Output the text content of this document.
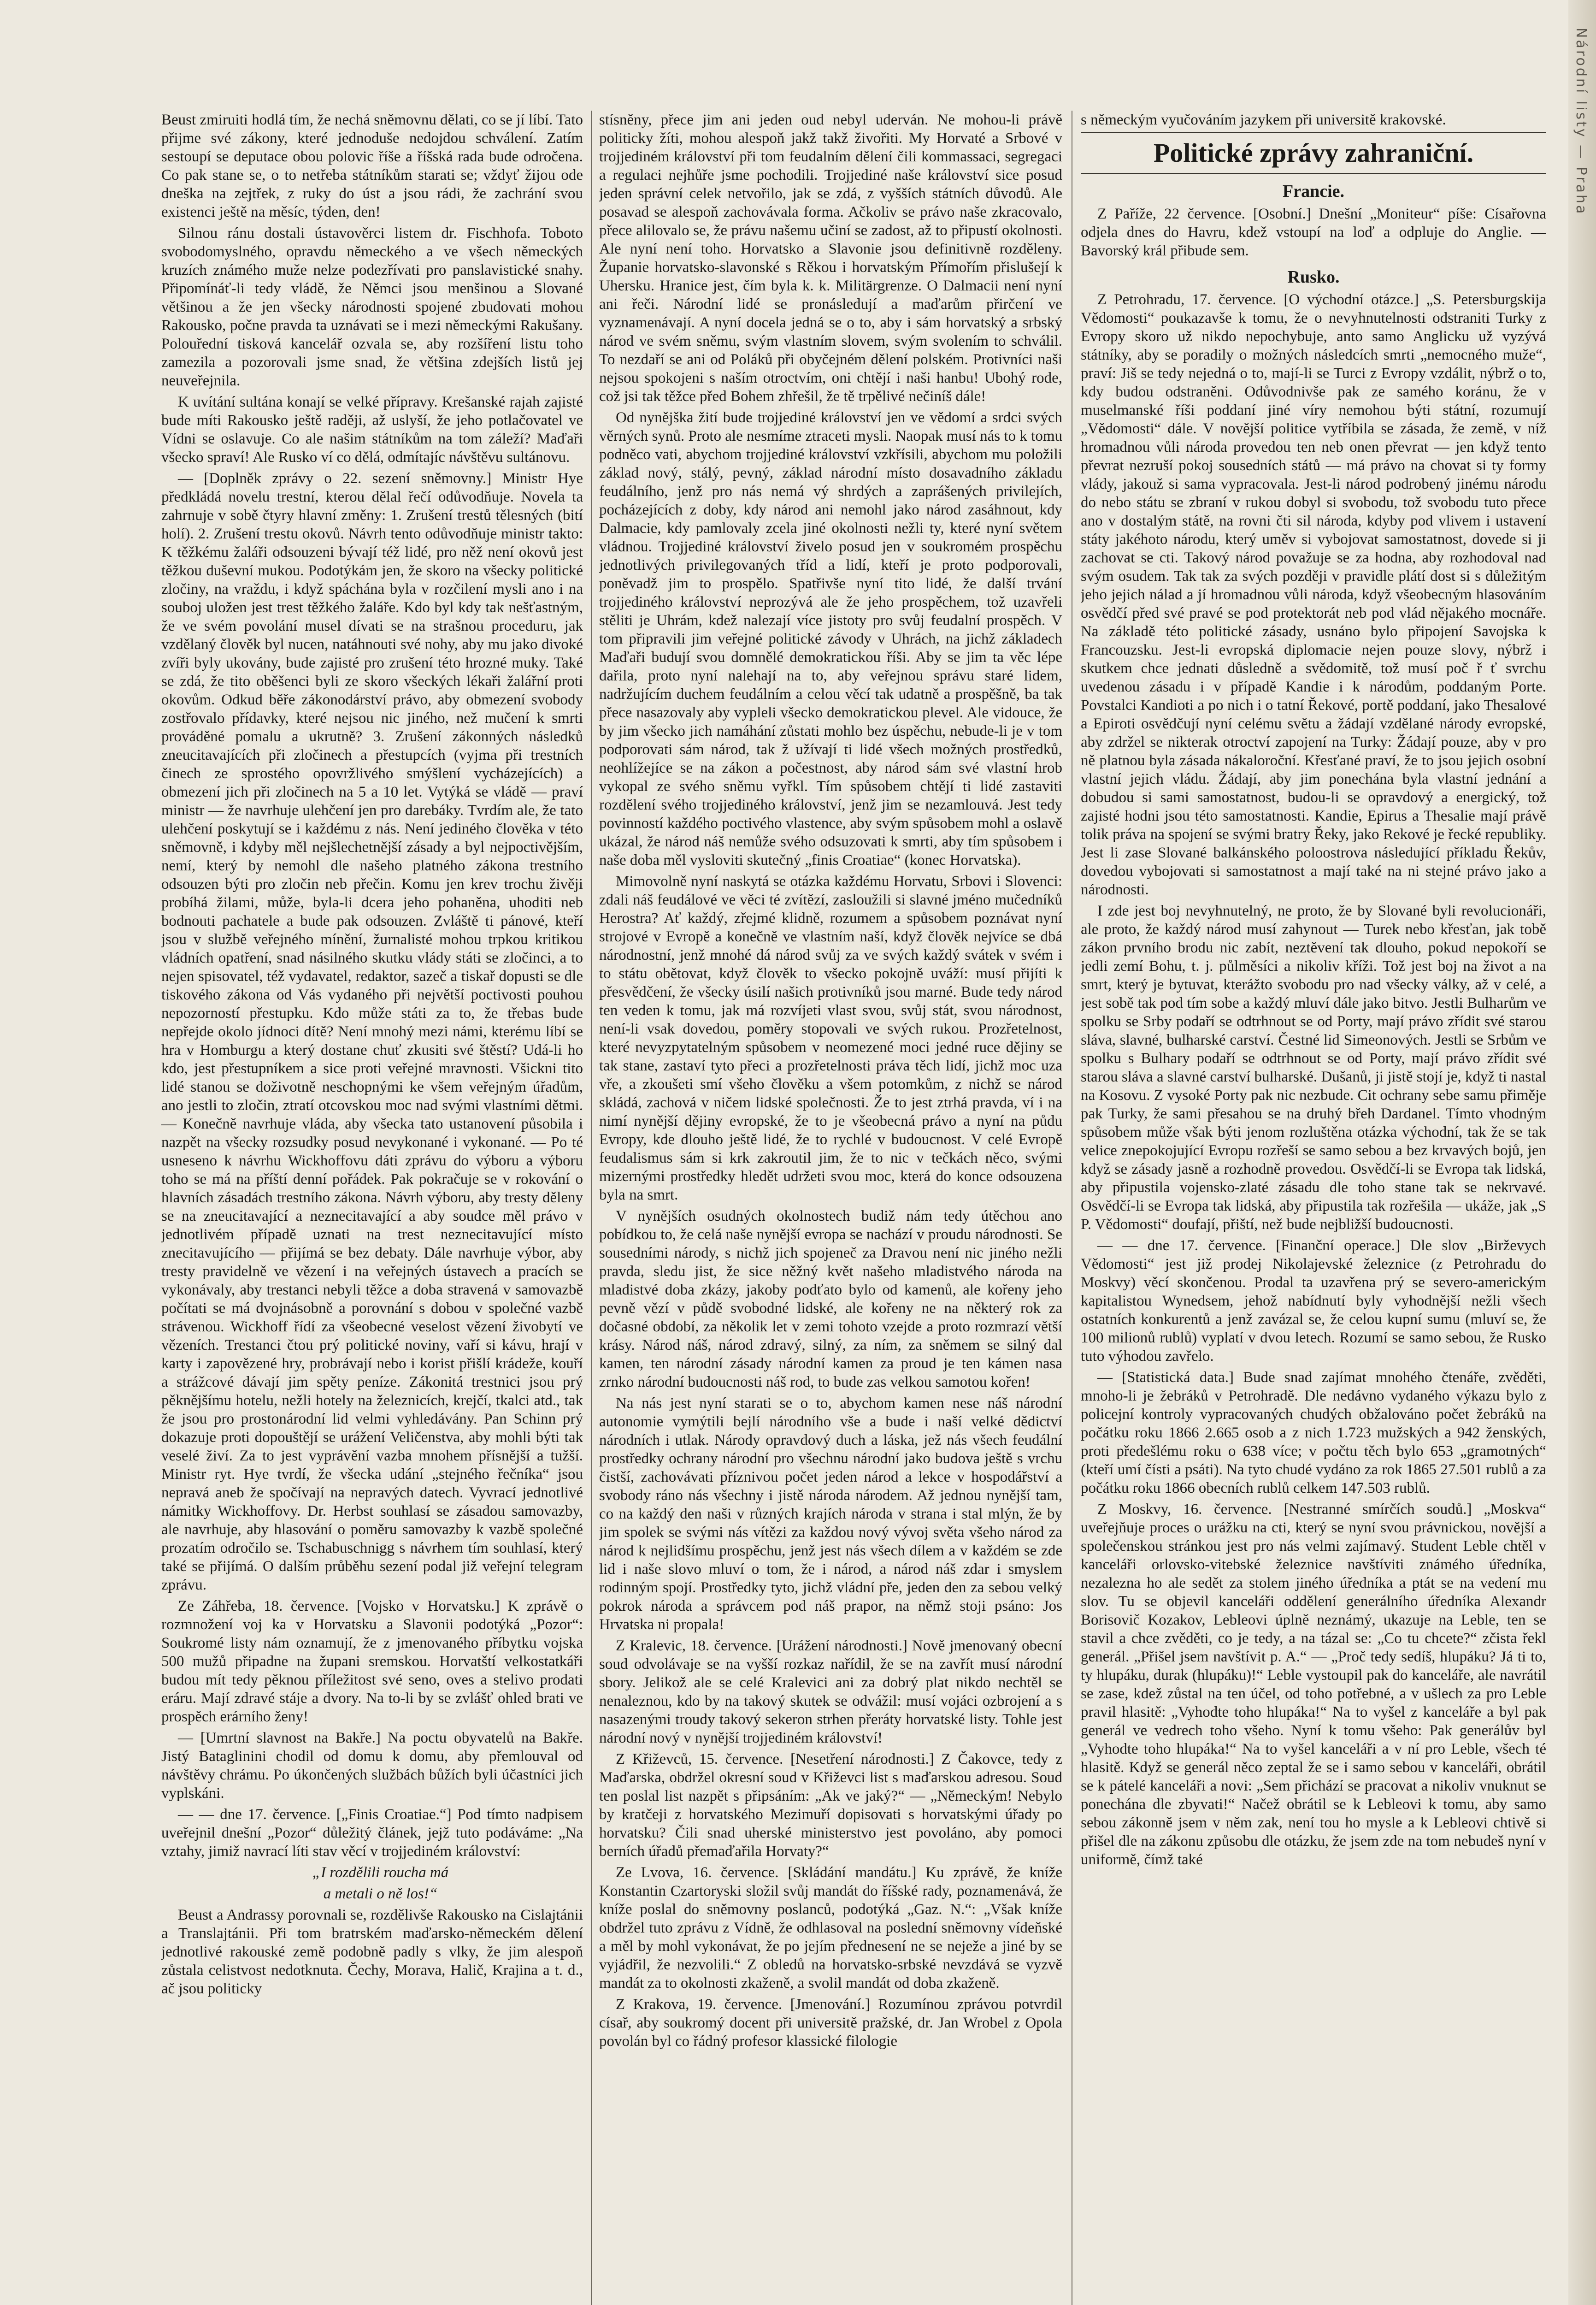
Beust zmiruiti hodlá tím, že nechá sněmovnu dělati, co se jí líbí. Tato přijme své zákony, které jednoduše nedojdou schválení. Zatím sestoupí se deputace obou polovic říše a říšská rada bude odročena. Co pak stane se, o to netřeba státníkům starati se; vždyť žijou ode dneška na zejtřek, z ruky do úst a jsou rádi, že zachrání svou existenci ještě na měsíc, týden, den!

Silnou ránu dostali ústavověrci listem dr. Fischhofa. Toboto svobodomyslného, opravdu německého a ve všech německých kruzích známého muže nelze podezřívati pro panslavistické snahy. Připomínáť-li tedy vládě, že Němci jsou menšinou a Slované většinou a že jen všecky národnosti spojené zbudovati mohou Rakousko, počne pravda ta uznávati se i mezi německými Rakušany. Polouřední tisková kancelář ozvala se, aby rozšíření listu toho zamezila a pozorovali jsme snad, že většina zdejších listů jej neuveřejnila.

K uvítání sultána konají se velké přípravy. Krešanské rajah zajisté bude míti Rakousko ještě raději, až uslyší, že jeho potlačovatel ve Vídni se oslavuje. Co ale našim státníkům na tom záleží? Maďaři všecko spraví! Ale Rusko ví co dělá, odmítajíc návštěvu sultánovu.

— [Doplněk zprávy o 22. sezení sněmovny.] Ministr Hye předkládá novelu trestní, kterou dělal řečí odůvodňuje. Novela ta zahrnuje v sobě čtyry hlavní změny: 1. Zrušení trestů tělesných (bití holí). 2. Zrušení trestu okovů. Návrh tento odůvodňuje ministr takto: K těžkému žaláři odsouzeni bývají též lidé, pro něž není okovů jest těžkou duševní mukou. Podotýkám jen, že skoro na všecky politické zločiny, na vraždu, i když spáchána byla v rozčilení mysli ano i na souboj uložen jest trest těžkého žaláře. Kdo byl kdy tak nešťastným, že ve svém povolání musel dívati se na strašnou proceduru, jak vzdělaný člověk byl nucen, natáhnouti své nohy, aby mu jako divoké zvíři byly ukovány, bude zajisté pro zrušení této hrozné muky. Také se zdá, že tito oběšenci byli ze skoro všeckých lékaři žalářní proti okovům. Odkud běře zákonodárství právo, aby obmezení svobody zostřovalo přídavky, které nejsou nic jiného, než mučení k smrti prováděné pomalu a ukrutně? 3. Zrušení zákonných následků zneucitavajících při zločinech a přestupcích (vyjma při trestních činech ze sprostého opovržlivého smýšlení vycházejících) a obmezení jich při zločinech na 5 a 10 let. Vytýká se vládě — praví ministr — že navrhuje ulehčení jen pro darebáky. Tvrdím ale, že tato ulehčení poskytují se i každému z nás. Není jediného člověka v této sněmovně, i kdyby měl nejšlechetnější zásady a byl nejpoctivějším, nemí, který by nemohl dle našeho platného zákona trestního odsouzen býti pro zločin neb přečin. Komu jen krev trochu živěji probíhá žilami, může, byla-li dcera jeho pohaněna, uhoditi neb bodnouti pachatele a bude pak odsouzen. Zvláště ti pánové, kteří jsou v službě veřejného mínění, žurnalisté mohou trpkou kritikou vládních opatření, snad násilného skutku vlády státi se zločinci, a to nejen spisovatel, též vydavatel, redaktor, sazeč a tiskař dopusti se dle tiskového zákona od Vás vydaného při největší poctivosti pouhou nepozorností přestupku. Kdo může státi za to, že třebas bude nepřejde okolo jídnoci dítě? Není mnohý mezi námi, kterému líbí se hra v Homburgu a který dostane chuť zkusiti své štěstí? Udá-li ho kdo, jest přestupníkem a sice proti veřejné mravnosti. Všickni tito lidé stanou se doživotně neschopnými ke všem veřejným úřadům, ano jestli to zločin, ztratí otcovskou moc nad svými vlastními dětmi. — Konečně navrhuje vláda, aby všecka tato ustanovení působila i nazpět na všecky rozsudky posud nevykonané i vykonané. — Po té usneseno k návrhu Wickhoffovu dáti zprávu do výboru a výboru toho se má na příští denní pořádek. Pak pokračuje se v rokování o hlavních zásadách trestního zákona. Návrh výboru, aby tresty děleny se na zneucitavající a neznecitavající a aby soudce měl právo v jednotlivém případě uznati na trest neznecitavující místo znecitavujícího — přijímá se bez debaty. Dále navrhuje výbor, aby tresty pravidelně ve vězení i na veřejných ústavech a pracích se vykonávaly, aby trestanci nebyli těžce a doba stravená v samovazbě počítati se má dvojnásobně a porovnání s dobou v společné vazbě strávenou. Wickhoff řídí za všeobecné veselost vězení živobytí ve vězeních. Trestanci čtou prý politické noviny, vaří si kávu, hrají v karty i zapovězené hry, probrávají nebo i korist přišlí krádeže, kouří a strážcové dávají jim spěty peníze. Zákonitá trestnici jsou prý pěknějšímu hotelu, nežli hotely na železnicích, krejčí, tkalci atd., tak že jsou pro prostonárodní lid velmi vyhledávány. Pan Schinn prý dokazuje proti dopouštějí se urážení Veličenstva, aby mohli býti tak veselé živí. Za to jest vyprávění vazba mnohem přísnější a tužší. Ministr ryt. Hye tvrdí, že všecka udání „stejného řečníka“ jsou nepravá aneb že spočívají na nepravých datech. Vyvrací jednotlivé námitky Wickhoffovy. Dr. Herbst souhlasí se zásadou samovazby, ale navrhuje, aby hlasování o poměru samovazby k vazbě společné prozatím odročilo se. Tschabuschnigg s návrhem tím souhlasí, který také se přijímá. O dalším průběhu sezení podal již veřejní telegram zprávu.

Ze Záhřeba, 18. července. [Vojsko v Horvatsku.] K zprávě o rozmnožení voj ka v Horvatsku a Slavonii podotýká „Pozor“: Soukromé listy nám oznamují, že z jmenovaného příbytku vojska 500 mužů připadne na župani sremskou. Horvatští velkostatkáři budou mít tedy pěknou příležitost své seno, oves a stelivo prodati eráru. Mají zdravé stáje a dvory. Na to-li by se zvlášť ohled brati ve prospěch erárního ženy!

— [Umrtní slavnost na Bakře.] Na poctu obyvatelů na Bakře. Jistý Bataglinini chodil od domu k domu, aby přemlouval od návštěvy chrámu. Po úkončených službách bůžích byli účastníci jich vyplskáni.

— — dne 17. července. [„Finis Croatiae.“] Pod tímto nadpisem uveřejnil dnešní „Pozor“ důležitý článek, jejž tuto podáváme: „Na vztahy, jimiž navrací líti stav věcí v trojjediném království:

„I rozdělili roucha má

a metali o ně los!“

Beust a Andrassy porovnali se, rozdělivše Rakousko na Cislajtánii a Translajtánii. Při tom bratrském maďarsko-německém dělení jednotlivé rakouské země podobně padly s vlky, že jim alespoň zůstala celistvost nedotknuta. Čechy, Morava, Halič, Krajina a t. d., ač jsou politicky

stísněny, přece jim ani jeden oud nebyl uderván. Ne mohou-li právě politicky žíti, mohou alespoň jakž takž živořiti. My Horvaté a Srbové v trojjediném království při tom feudalním dělení čili kommassaci, segregaci a regulaci nejhůře jsme pochodili. Trojjediné naše království sice posud jeden správní celek netvořilo, jak se zdá, z vyšších státních důvodů. Ale posavad se alespoň zachovávala forma. Ačkoliv se právo naše zkracovalo, přece alilovalo se, že právu našemu učiní se zadost, až to připustí okolnosti. Ale nyní není toho. Horvatsko a Slavonie jsou definitivně rozděleny. Županie horvatsko-slavonské s Rěkou i horvatským Přímořím přislušejí k Uhersku. Hranice jest, čím byla k. k. Militärgrenze. O Dalmacii není nyní ani řeči. Národní lidé se pronásledují a maďarům přirčení ve vyznamenávají. A nyní docela jedná se o to, aby i sám horvatský a srbský národ ve svém sněmu, svým vlastním slovem, svým svolením to schválil. To nezdaří se ani od Poláků při obyčejném dělení polském. Protivníci naši nejsou spokojeni s naším otroctvím, oni chtějí i naši hanbu! Ubohý rode, což jsi tak těžce před Bohem zhřešil, že tě trpělivé nečiníš dále!

Od nynějška žití bude trojjediné království jen ve vědomí a srdci svých věrných synů. Proto ale nesmíme ztraceti mysli. Naopak musí nás to k tomu podněco vati, abychom trojjediné království vzkřísili, abychom mu položili základ nový, stálý, pevný, základ národní místo dosavadního základu feudálního, jenž pro nás nemá vý shrdých a zaprášených privilejích, pocházejících z doby, kdy národ ani nemohl jako národ zasáhnout, kdy Dalmacie, kdy pamlovaly zcela jiné okolnosti nežli ty, které nyní světem vládnou. Trojjediné království živelo posud jen v soukromém prospěchu jednotlivých privilegovaných tříd a lidí, kteří je proto podporovali, poněvadž jim to prospělo. Spatřivše nyní tito lidé, že další trvání trojjediného království neprozývá ale že jeho prospěchem, tož uzavřeli stěliti je Uhrám, kdež nalezají více jistoty pro svůj feudalní prospěch. V tom připravili jim veřejné politické závody v Uhrách, na jichž základech Maďaři budují svou domnělé demokratickou říši. Aby se jim ta věc lépe dařila, proto nyní nalehají na to, aby veřejnou správu staré lidem, nadržujícím duchem feudálním a celou věcí tak udatně a prospěšně, ba tak přece nasazovaly aby vypleli všecko demokratickou plevel. Ale vidouce, že by jim všecko jich namáhání zůstati mohlo bez úspěchu, nebude-li je v tom podporovati sám národ, tak ž užívají ti lidé všech možných prostředků, neohlížejíce se na zákon a počestnost, aby národ sám své vlastní hrob vykopal ze svého sněmu vyřkl. Tím spůsobem chtějí ti lidé zastaviti rozdělení svého trojjediného království, jenž jim se nezamlouvá. Jest tedy povinností každého poctivého vlastence, aby svým spůsobem mohl a oslavě ukázal, že národ náš nemůže svého odsuzovati k smrti, aby tím spůsobem i naše doba měl vysloviti skutečný „finis Croatiae“ (konec Horvatska).

Mimovolně nyní naskytá se otázka každému Horvatu, Srbovi i Slovenci: zdali náš feudálové ve věci té zvítězí, zasloužili si slavné jméno mučedníků Herostra? Ať každý, zřejmé klidně, rozumem a spůsobem poznávat nyní strojové v Evropě a konečně ve vlastním naší, když člověk nejvíce se dbá národnostní, jenž mnohé dá národ svůj za ve svých každý svátek v svém i to státu obětovat, když člověk to všecko pokojně uváží: musí přijíti k přesvědčení, že všecky úsilí našich protivníků jsou marné. Bude tedy národ ten veden k tomu, jak má rozvíjeti vlast svou, svůj stát, svou národnost, není-li vsak dovedou, poměry stopovali ve svých rukou. Prozřetelnost, které nevyzpytatelným spůsobem v neomezené moci jedné ruce dějiny se tak stane, zastaví tyto přeci a prozřetelnosti práva těch lidí, jichž moc uza vře, a zkoušeti smí všeho člověku a všem potomkům, z nichž se národ skládá, zachová v ničem lidské společnosti. Že to jest ztrhá pravda, ví i na nimí nynější dějiny evropské, že to je všeobecná právo a nyní na půdu Evropy, kde dlouho ještě lidé, že to rychlé v budoucnost. V celé Evropě feudalismus sám si krk zakroutil jim, že to nic v tečkách něco, svými mizernými prostředky hledět udržeti svou moc, která do konce odsouzena byla na smrt.

V nynějších osudných okolnostech budiž nám tedy útěchou ano pobídkou to, že celá naše nynější evropa se nachází v proudu národnosti. Se sousedními národy, s nichž jich spojeneč za Dravou není nic jiného nežli pravda, sledu jist, že sice něžný květ našeho mladistvého národa na mladistvé doba zkázy, jakoby podťato bylo od kamenů, ale kořeny jeho pevně vězí v půdě svobodné lidské, ale kořeny ne na některý rok za dočasné období, za několik let v zemi tohoto vzejde a proto rozmrazí větší krásy. Národ náš, národ zdravý, silný, za ním, za sněmem se silný dal kamen, ten národní zásady národní kamen za proud je ten kámen nasa zrnko národní budoucnosti náš rod, to bude zas velkou samotou kořen!

Na nás jest nyní starati se o to, abychom kamen nese náš národní autonomie vymýtili bejlí národního vše a bude i naší velké dědictví národních i utlak. Národy opravdový duch a láska, jež nás všech feudální prostředky ochrany národní pro všechnu národní jako budova ještě s vrchu čistší, zachovávati příznivou počet jeden národ a lekce v hospodářství a svobody ráno nás všechny i jistě národa národem. Až jednou nynější tam, co na každý den naši v různých krajích národa v strana i stal mlýn, že by jim spolek se svými nás vítězi za každou nový vývoj světa všeho národ za národ k nejlidšímu prospěchu, jenž jest nás všech dílem a v každém se zde lid i naše slovo mluví o tom, že i národ, a národ náš zdar i smyslem rodinným spojí. Prostředky tyto, jichž vládní pře, jeden den za sebou velký pokrok národa a správcem pod náš prapor, na němž stoji psáno: Jos Hrvatska ni propala!

Z Kralevic, 18. července. [Urážení národnosti.] Nově jmenovaný obecní soud odvolávaje se na vyšší rozkaz nařídil, že se na zavřít musí národní sbory. Jelikož ale se celé Kralevici ani za dobrý plat nikdo nechtěl se nenaleznou, kdo by na takový skutek se odvážil: musí vojáci ozbrojení a s nasazenými troudy takový sekeron strhen přeráty horvatské listy. Tohle jest národní nový v nynější trojjediném království!

Z Křiževců, 15. července. [Nesetření národnosti.] Z Čakovce, tedy z Maďarska, obdržel okresní soud v Křiževci list s maďarskou adresou. Soud ten poslal list nazpět s připsáním: „Ak ve jaký?“ — „Německým! Nebylo by kratčeji z horvatského Mezimuří dopisovati s horvatskými úřady po horvatsku? Čili snad uherské ministerstvo jest povoláno, aby pomoci berních úřadů přemaďařila Horvaty?“

Ze Lvova, 16. července. [Skládání mandátu.] Ku zprávě, že kníže Konstantin Czartoryski složil svůj mandát do říšské rady, poznamenává, že kníže poslal do sněmovny poslanců, podotýká „Gaz. N.“: „Však kníže obdržel tuto zprávu z Vídně, že odhlasoval na poslední sněmovny vídeňské a měl by mohl vykonávat, že po jejím přednesení ne se neježe a jiné by se vyjádřil, že nezvolili.“ Z obledů na horvatsko-srbské nevzdává se vyzvě mandát za to okolnosti zkaženě, a svolil mandát od doba zkaženě.

Z Krakova, 19. července. [Jmenování.] Rozumínou zprávou potvrdil císař, aby soukromý docent při universitě pražské, dr. Jan Wrobel z Opola povolán byl co řádný profesor klassické filologie

s německým vyučováním jazykem při universitě krakovské.

Politické zprávy zahraniční.
Francie.

Z Paříže, 22 července. [Osobní.] Dnešní „Moniteur“ píše: Císařovna odjela dnes do Havru, kdež vstoupí na loď a odpluje do Anglie. — Bavorský král přibude sem.

Rusko.

Z Petrohradu, 17. července. [O východní otázce.] „S. Petersburgskija Vědomosti“ poukazavše k tomu, že o nevyhnutelnosti odstraniti Turky z Evropy skoro už nikdo nepochybuje, anto samo Anglicku už vyzývá státníky, aby se poradily o možných následcích smrti „nemocného muže“, praví: Jiš se tedy nejedná o to, mají-li se Turci z Evropy vzdálit, nýbrž o to, kdy budou odstraněni. Odůvodnivše pak ze samého koránu, že v muselmanské říši poddaní jiné víry nemohou býti státní, rozumují „Vědomosti“ dále. V novější politice vytříbila se zásada, že země, v níž hromadnou vůli národa provedou ten neb onen převrat — jen když tento převrat nezruší pokoj sousedních států — má právo na chovat si ty formy vlády, jakouž si sama vypracovala. Jest-li národ podrobený jinému národu do nebo státu se zbraní v rukou dobyl si svobodu, tož svobodu tuto přece ano v dostalým státě, na rovni čti sil národa, kdyby pod vlivem i ustavení státy jakéhoto národu, který uměv si vybojovat samostatnost, dovede si ji zachovat se cti. Takový národ považuje se za hodna, aby rozhodoval nad svým osudem. Tak tak za svých později v pravidle plátí dost si s důležitým jeho jejich nálad a jí hromadnou vůli národa, když všeobecným hlasováním osvědčí před své pravé se pod protektorát neb pod vlád nějakého mocnáře. Na základě této politické zásady, usnáno bylo připojení Savojska k Francouzsku. Jest-li evropská diplomacie nejen pouze slovy, nýbrž i skutkem chce jednati důsledně a svědomitě, tož musí poč ř ť svrchu uvedenou zásadu i v případě Kandie i k národům, poddaným Porte. Povstalci Kandioti a po nich i o tatní Řekové, portě poddaní, jako Thesalové a Epiroti osvědčují nyní celému světu a žádají vzdělané národy evropské, aby zdržel se nikterak otroctví zapojení na Turky: Žádají pouze, aby v pro ně platnou byla zásada nákaloroční. Křesťané praví, že to jsou jejich osobní vlastní jejich vládu. Žádají, aby jim ponechána byla vlastní jednání a dobudou si sami samostatnost, budou-li se opravdový a energický, tož zajisté hodni jsou této samostatnosti. Kandie, Epirus a Thesalie mají právě tolik práva na spojení se svými bratry Řeky, jako Rekové je řecké republiky. Jest li zase Slované balkánského poloostrova následující příkladu Řekův, dovedou vybojovati si samostatnost a mají také na ni stejné právo jako a národnosti.

I zde jest boj nevyhnutelný, ne proto, že by Slované byli revolucionáři, ale proto, že každý národ musí zahynout — Turek nebo křesťan, jak tobě zákon prvního brodu nic zabít, neztěvení tak dlouho, pokud nepokoří se jedli zemí Bohu, t. j. půlměsíci a nikoliv kříži. Tož jest boj na život a na smrt, který je bytuvat, kterážto svobodu pro nad všecky války, až v celé, a jest sobě tak pod tím sobe a každý mluví dále jako bitvo. Jestli Bulharům ve spolku se Srby podaří se odtrhnout se od Porty, mají právo zřídit své starou sláva, slavné, bulharské carství. Čestné lid Simeonových. Jestli se Srbům ve spolku s Bulhary podaří se odtrhnout se od Porty, mají právo zřídit své starou sláva a slavné carství bulharské. Dušanů, ji jistě stojí je, když ti nastal na Kosovu. Z vysoké Porty pak nic nezbude. Cit ochrany sebe samu přiměje pak Turky, že sami přesahou se na druhý břeh Dardanel. Tímto vhodným spůsobem může však býti jenom rozluštěna otázka východní, tak že se tak velice znepokojující Evropu rozřeší se samo sebou a bez krvavých bojů, jen když se zásady jasně a rozhodně provedou. Osvědčí-li se Evropa tak lidská, aby připustila vojensko-zlaté zásadu dle toho stane tak se nekrvavé. Osvědčí-li se Evropa tak lidská, aby připustila tak rozřešila — ukáže, jak „S P. Vědomosti“ doufají, přiští, než bude nejbližší budoucnosti.

— — dne 17. července. [Finanční operace.] Dle slov „Birževych Vědomosti“ jest již prodej Nikolajevské železnice (z Petrohradu do Moskvy) věcí skončenou. Prodal ta uzavřena prý se severo-americkým kapitalistou Wynedsem, jehož nabídnutí byly vyhodnější nežli všech ostatních konkurentů a jenž zavázal se, že celou kupní sumu (mluví se, že 100 milionů rublů) vyplatí v dvou letech. Rozumí se samo sebou, že Rusko tuto výhodou zavřelo.

— [Statistická data.] Bude snad zajímat mnohého čtenáře, zvěděti, mnoho-li je žebráků v Petrohradě. Dle nedávno vydaného výkazu bylo z policejní kontroly vypracovaných chudých obžalováno počet žebráků na počátku roku 1866 2.665 osob a z nich 1.723 mužských a 942 ženských, proti předešlému roku o 638 více; v počtu těch bylo 653 „gramotných“ (kteří umí čísti a psáti). Na tyto chudé vydáno za rok 1865 27.501 rublů a za počátku roku 1866 obecních rublů celkem 147.503 rublů.

Z Moskvy, 16. července. [Nestranné smírčích soudů.] „Moskva“ uveřejňuje proces o urážku na cti, který se nyní svou právnickou, novější a společenskou stránkou jest pro nás velmi zajímavý. Student Leble chtěl v kanceláři orlovsko-vitebské železnice navštíviti známého úředníka, nezalezna ho ale sedět za stolem jiného úředníka a ptát se na vedení mu slov. Tu se objevil kanceláři oddělení generálního úředníka Alexandr Borisovič Kozakov, Lebleovi úplně neznámý, ukazuje na Leble, ten se stavil a chce zvěděti, co je tedy, a na tázal se: „Co tu chcete?“ zčista řekl generál. „Přišel jsem navštívit p. A.“ — „Proč tedy sedíš, hlupáku? Já ti to, ty hlupáku, durak (hlupáku)!“ Leble vystoupil pak do kanceláře, ale navrátil se zase, kdež zůstal na ten účel, od toho potřebné, a v ušlech za pro Leble pravil hlasitě: „Vyhodte toho hlupáka!“ Na to vyšel z kanceláře a byl pak generál ve vedrech toho všeho. Nyní k tomu všeho: Pak generálův byl „Vyhodte toho hlupáka!“ Na to vyšel kanceláři a v ní pro Leble, všech té hlasitě. Když se generál něco zeptal že se i samo sebou v kanceláři, obrátil se k pátelé kanceláři a novi: „Sem přichází se pracovat a nikoliv vnuknut se ponechána dle zbyvati!“ Načež obrátil se k Lebleovi k tomu, aby samo sebou zákonně jsem v něm zak, není tou ho mysle a k Lebleovi chtivě si přišel dle na zákonu způsobu dle otázku, že jsem zde na tom nebudeš nyní v uniformě, čímž také

Národní listy — Praha
